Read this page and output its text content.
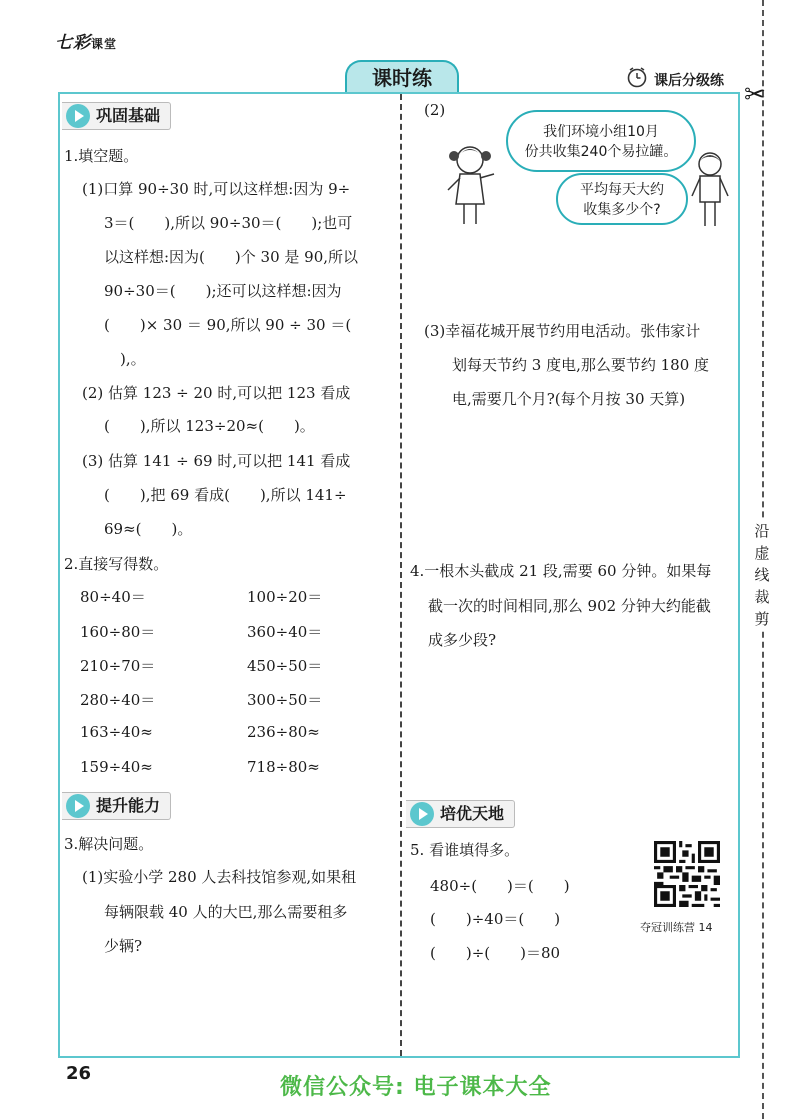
七彩课堂
课时练	课后分级练 ✂
沿
虚
线
裁
剪
巩固基础
1.填空题。
(1)口算 90÷30 时,可以这样想:因为 9÷
3＝(　　),所以 90÷30＝(　　);也可
以这样想:因为(　　)个 30 是 90,所以
90÷30＝(　　);还可以这样想:因为
(　　)× 30 ＝ 90,所以 90 ÷ 30 ＝(
),。
(2) 估算 123 ÷ 20 时,可以把 123 看成
(　　),所以 123÷20≈(　　)。
(3) 估算 141 ÷ 69 时,可以把 141 看成
(　　),把 69 看成(　　),所以 141÷
69≈(　　)。
2.直接写得数。
80÷40＝
160÷80＝
210÷70＝
280÷40＝
163÷40≈
159÷40≈
100÷20＝
360÷40＝
450÷50＝
300÷50＝
236÷80≈
718÷80≈
提升能力
3.解决问题。
(1)实验小学 280 人去科技馆参观,如果租
每辆限载 40 人的大巴,那么需要租多
少辆?
(2)
我们环境小组10月
份共收集240个易拉罐。
平均每天大约
收集多少个?
(3)幸福花城开展节约用电活动。张伟家计
划每天节约 3 度电,那么要节约 180 度
电,需要几个月?(每个月按 30 天算)
4.一根木头截成 21 段,需要 60 分钟。如果每
截一次的时间相同,那么 902 分钟大约能截
成多少段?
培优天地
5. 看谁填得多。
480÷(　　)＝(　　)
(　　)÷40＝(　　)
(　　)÷(　　)＝80
夺冠训练营 14
26
微信公众号: 电子课本大全
